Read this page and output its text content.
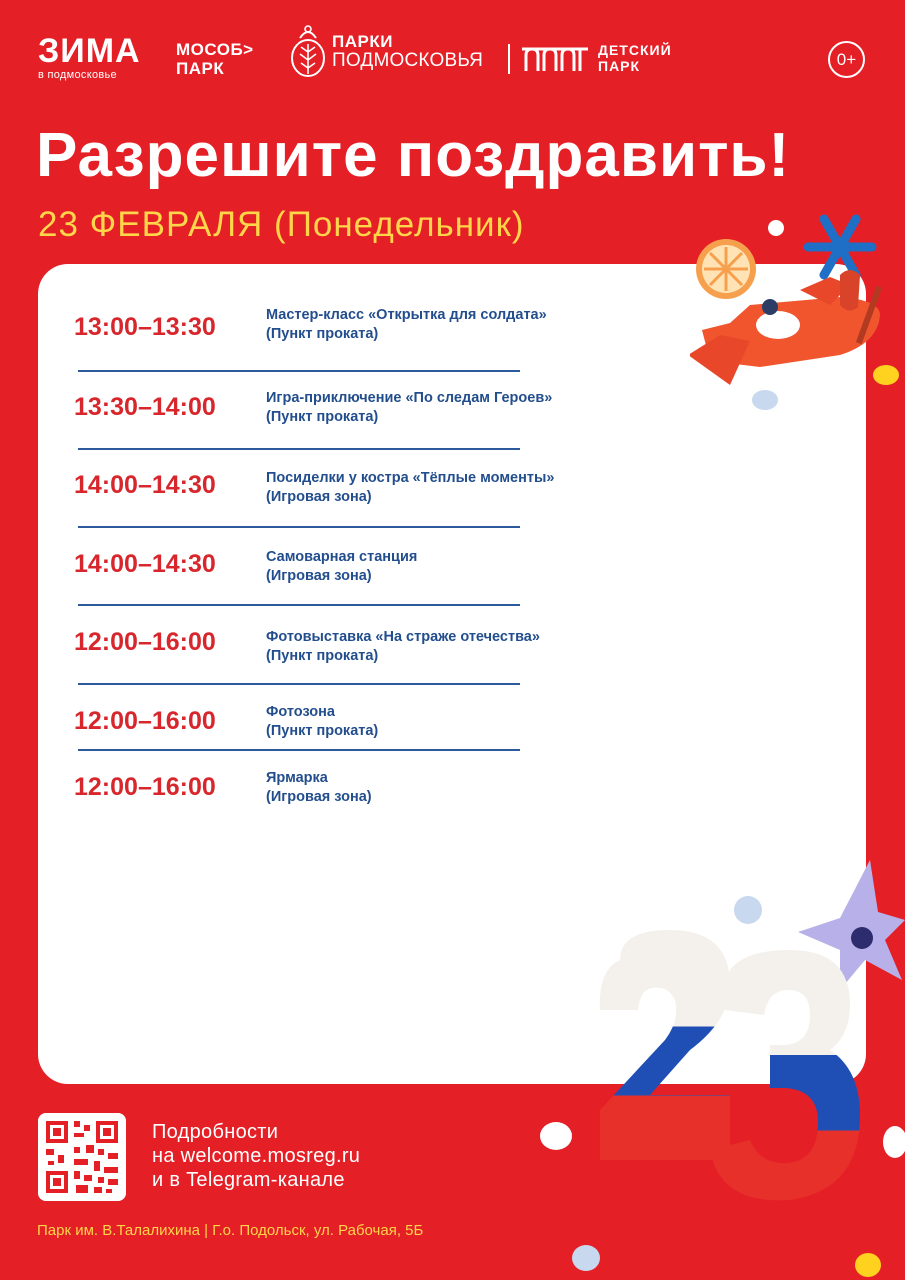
ЗИМА
в подмосковье
МОСОБ>
ПАРК
ПАРКИ
ПОДМОСКОВЬЯ	ДЕТСКИЙ
ПАРК	0+
Разрешите поздравить!
23 ФЕВРАЛЯ (Понедельник)
13:00–13:30	Мастер-класс «Открытка для солдата»
(Пункт проката)
13:30–14:00	Игра-приключение «По следам Героев»
(Пункт проката)
14:00–14:30	Посиделки у костра «Тёплые моменты»
(Игровая зона)
14:00–14:30	Самоварная станция
(Игровая зона)
12:00–16:00	Фотовыставка «На страже отечества»
(Пункт проката)
12:00–16:00	Фотозона
(Пункт проката)
12:00–16:00	Ярмарка
(Игровая зона)
Подробности
на welcome.mosreg.ru
и в Telegram-канале
Парк им. В.Талалихина | Г.о. Подольск, ул. Рабочая, 5Б
